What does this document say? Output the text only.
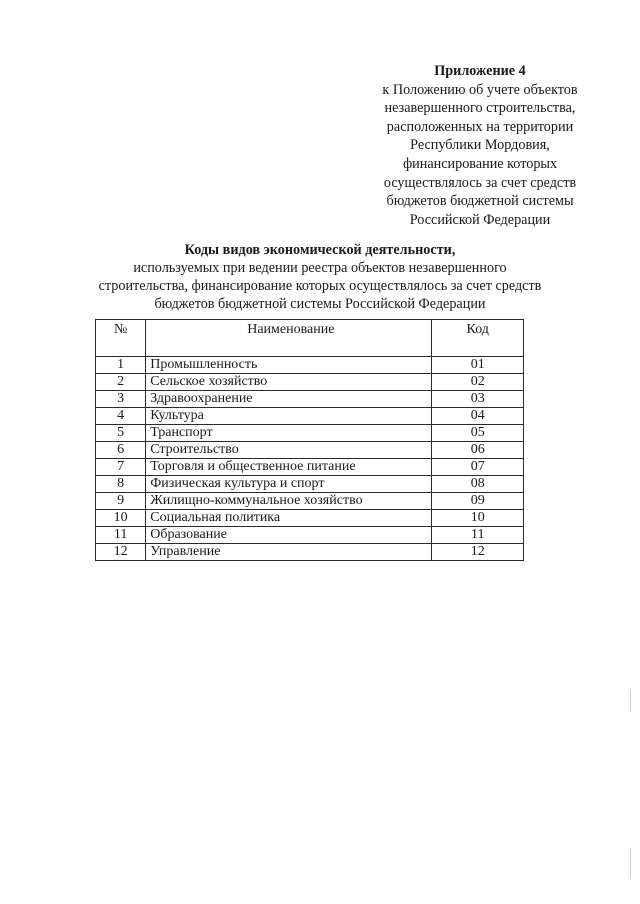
Приложение 4
к Положению об учете объектов
незавершенного строительства,
расположенных на территории
Республики Мордовия,
финансирование которых
осуществлялось за счет средств
бюджетов бюджетной системы
Российской Федерации
Коды видов экономической деятельности,
используемых при ведении реестра объектов незавершенного
строительства, финансирование которых осуществлялось за счет средств
бюджетов бюджетной системы Российской Федерации
№	Наименование	Код
1	Промышленность	01
2	Сельское хозяйство	02
3	Здравоохранение	03
4	Культура	04
5	Транспорт	05
6	Строительство	06
7	Торговля и общественное питание	07
8	Физическая культура и спорт	08
9	Жилищно-коммунальное хозяйство	09
10	Социальная политика	10
11	Образование	11
12	Управление	12
